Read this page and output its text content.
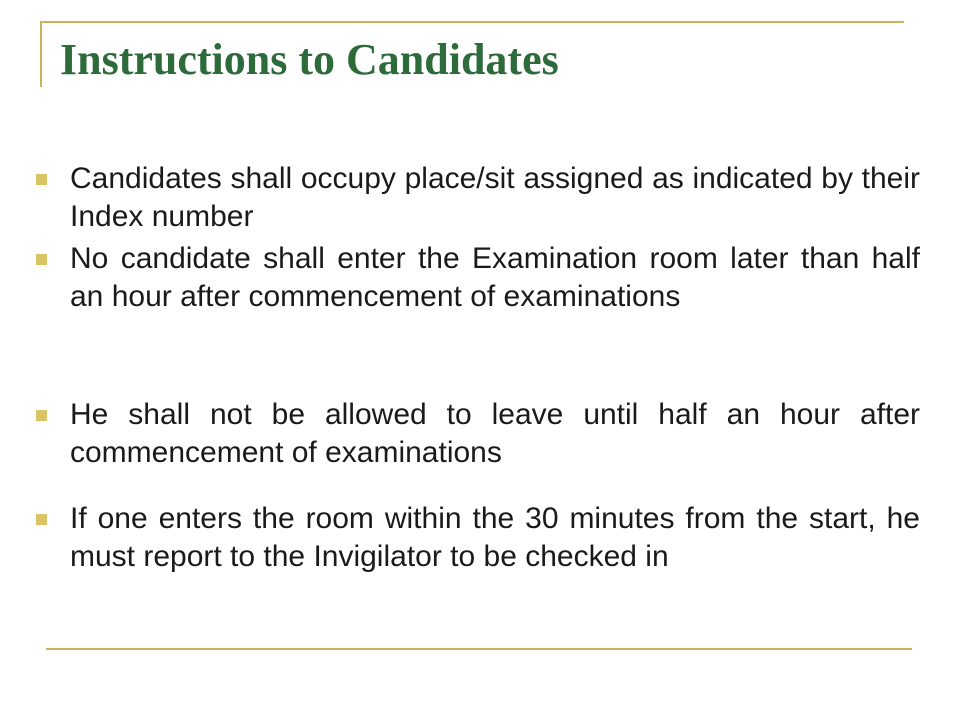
Instructions to Candidates
Candidates shall occupy place/sit assigned as indicated by their Index number
No candidate shall enter the Examination room later than half an hour after commencement of examinations
He shall not be allowed to leave until half an hour after commencement of examinations
If one enters the room within the 30 minutes from the start, he must report to the Invigilator to be checked in
